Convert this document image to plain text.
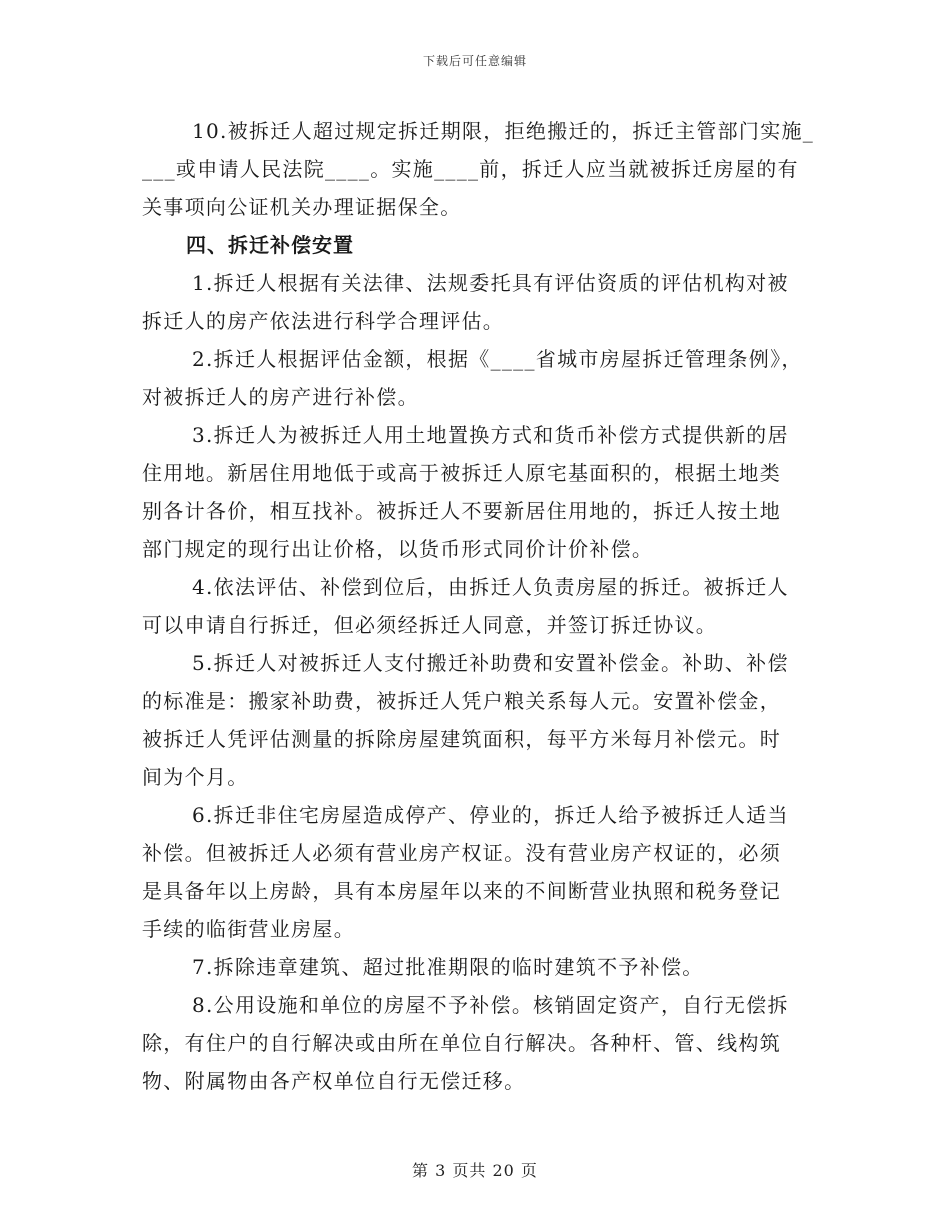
下载后可任意编辑
10.被拆迁人超过规定拆迁期限，拒绝搬迁的，拆迁主管部门实施_
___或申请人民法院____。实施____前，拆迁人应当就被拆迁房屋的有
关事项向公证机关办理证据保全。
四、拆迁补偿安置
1.拆迁人根据有关法律、法规委托具有评估资质的评估机构对被
拆迁人的房产依法进行科学合理评估。
2.拆迁人根据评估金额，根据《____省城市房屋拆迁管理条例》，
对被拆迁人的房产进行补偿。
3.拆迁人为被拆迁人用土地置换方式和货币补偿方式提供新的居
住用地。新居住用地低于或高于被拆迁人原宅基面积的，根据土地类
别各计各价，相互找补。被拆迁人不要新居住用地的，拆迁人按土地
部门规定的现行出让价格，以货币形式同价计价补偿。
4.依法评估、补偿到位后，由拆迁人负责房屋的拆迁。被拆迁人
可以申请自行拆迁，但必须经拆迁人同意，并签订拆迁协议。
5.拆迁人对被拆迁人支付搬迁补助费和安置补偿金。补助、补偿
的标准是：搬家补助费，被拆迁人凭户粮关系每人元。安置补偿金，
被拆迁人凭评估测量的拆除房屋建筑面积，每平方米每月补偿元。时
间为个月。
6.拆迁非住宅房屋造成停产、停业的，拆迁人给予被拆迁人适当
补偿。但被拆迁人必须有营业房产权证。没有营业房产权证的，必须
是具备年以上房龄，具有本房屋年以来的不间断营业执照和税务登记
手续的临街营业房屋。
7.拆除违章建筑、超过批准期限的临时建筑不予补偿。
8.公用设施和单位的房屋不予补偿。核销固定资产，自行无偿拆
除，有住户的自行解决或由所在单位自行解决。各种杆、管、线构筑
物、附属物由各产权单位自行无偿迁移。
第 3 页共 20 页
